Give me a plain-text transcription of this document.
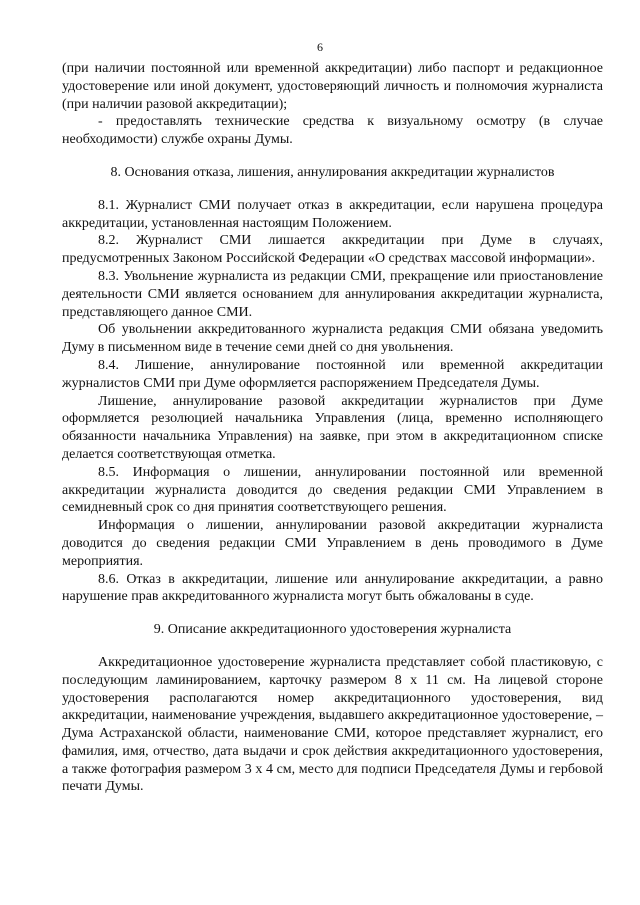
6

(при наличии постоянной или временной аккредитации) либо паспорт и редакционное удостоверение или иной документ, удостоверяющий личность и полномочия журналиста (при наличии разовой аккредитации);

- предоставлять технические средства к визуальному осмотру (в случае необходимости) службе охраны Думы.

8. Основания отказа, лишения, аннулирования аккредитации журналистов

8.1. Журналист СМИ получает отказ в аккредитации, если нарушена процедура аккредитации, установленная настоящим Положением.

8.2. Журналист СМИ лишается аккредитации при Думе в случаях, предусмотренных Законом Российской Федерации «О средствах массовой информации».

8.3. Увольнение журналиста из редакции СМИ, прекращение или приостановление деятельности СМИ является основанием для аннулирования аккредитации журналиста, представляющего данное СМИ.

Об увольнении аккредитованного журналиста редакция СМИ обязана уведомить Думу в письменном виде в течение семи дней со дня увольнения.

8.4. Лишение, аннулирование постоянной или временной аккредитации журналистов СМИ при Думе оформляется распоряжением Председателя Думы.

Лишение, аннулирование разовой аккредитации журналистов при Думе оформляется резолюцией начальника Управления (лица, временно исполняющего обязанности начальника Управления) на заявке, при этом в аккредитационном списке делается соответствующая отметка.

8.5. Информация о лишении, аннулировании постоянной или временной аккредитации журналиста доводится до сведения редакции СМИ Управлением в семидневный срок со дня принятия соответствующего решения.

Информация о лишении, аннулировании разовой аккредитации журналиста доводится до сведения редакции СМИ Управлением в день проводимого в Думе мероприятия.

8.6. Отказ в аккредитации, лишение или аннулирование аккредитации, а равно нарушение прав аккредитованного журналиста могут быть обжалованы в суде.

9. Описание аккредитационного удостоверения журналиста

Аккредитационное удостоверение журналиста представляет собой пластиковую, с последующим ламинированием, карточку размером 8 х 11 см. На лицевой стороне удостоверения располагаются номер аккредитационного удостоверения, вид аккредитации, наименование учреждения, выдавшего аккредитационное удостоверение, – Дума Астраханской области, наименование СМИ, которое представляет журналист, его фамилия, имя, отчество, дата выдачи и срок действия аккредитационного удостоверения, а также фотография размером 3 х 4 см, место для подписи Председателя Думы и гербовой печати Думы.
